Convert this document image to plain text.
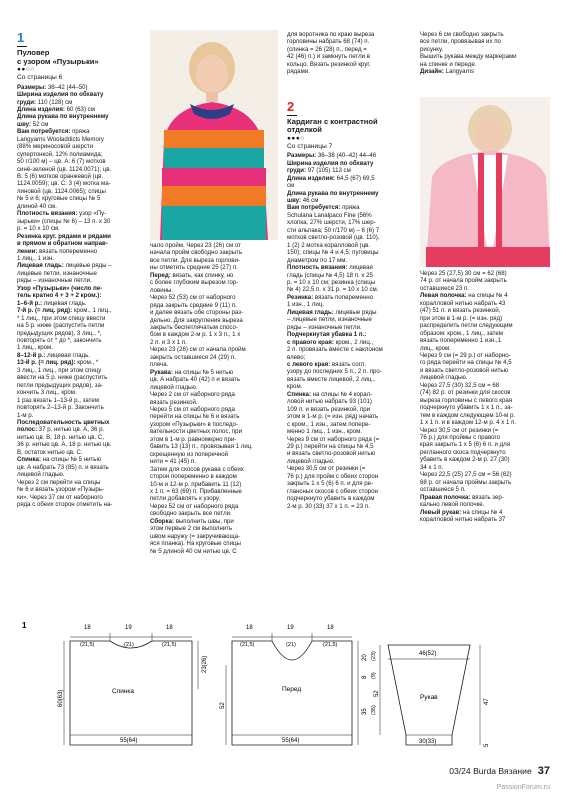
1
Пуловер
с узором «Пузырьки»
●●○○
Со страницы 6

Размеры: 36–42 (44–50)

Ширина изделия по обхвату

груди: 110 (128) см

Длина изделия: 60 (63) см

Длина рукава по внутреннему

шву: 52 см

Вам потребуется: пряжа

Langyarns Wooladdicts Memory

(88% мериносовой шерсти

супертонкой, 12% полиамида;

50 г/100 м) – цв. А: 6 (7) мотков

синё-зеленой (цв. 1124.0071); цв.

В: 5 (6) мотков оранжевой (цв.

1124.0059); цв. С: 3 (4) мотка ма-

линовой (цв. 1124.0065); спицы

№ 5 и 6; круговые спицы № 5

длиной 40 см.

Плотность вязания: узор «Пу-

зырьки» (спицы № 6) – 13 п. х 30

р. = 10 х 10 см.

Резинка круг. рядами и рядами

в прямом и обратном направ-

лении: вязать попеременно

1 лиц., 1 изн.

Лицевая гладь: лицевые ряды –

лицевые петли, изнаночные

ряды – изнаночные петли.

Узор «Пузырьки» (число пе-

тель кратно 4 + 3 + 2 кром.):

1–6-й р.: лицевая гладь.

7-й р. (= лиц. ряд): кром., 1 лиц.,

* 1 лиц., при этом спицу ввести

на 5 р. ниже (распустить петли

предыдущих рядов), 3 лиц., *,

повторять от * до *, закончить

1 лиц., кром.

8–12-й р.: лицевая гладь.

13-й р. (= лиц. ряд): кром., *

3 лиц., 1 лиц., при этом спицу

ввести на 5 р. ниже (распустить

петли предыдущих рядов), за-

кончить 3 лиц., кром.

1 раз вязать 1–13-й р., затем

повторять 2–13-й р. Закончить

1-м р.

Последовательность цветных

полос: 37 р. нитью цв. А, 36 р.

нитью цв. В, 18 р. нитью цв. С,

36 р. нитью цв. А, 18 р. нитью цв.

В, остаток нитью цв. С.

Спинка: на спицы № 5 нитью

цв. А набрать 73 (85) п. и вязать

лицевой гладью.

Через 2 см перейти на спицы

№ 6 и вязать узором «Пузырь-

ки». Через 37 см от наборного

ряда с обеих сторон отметить на-

чало пройм. Через 23 (26) см от

начала пройм свободно закрыть

все петли. Для выреза горлови-

ны отметить средние 25 (27) п.

Перед: вязать, как спинку, но

с более глубоким вырезом гор-

ловины.

Через 52 (53) см от наборного

ряда закрыть средние 9 (11) п.

и далее вязать обе стороны раз-

дельно. Для закругления выреза

закрыть беспетлячатым спосо-

бом в каждом 2-м р. 1 х 3 п., 1 х

2 п. и 3 х 1 п.

Через 23 (26) см от начала пройм

закрыть оставшиеся 24 (29) п.

плеча.

Рукава: на спицы № 5 нитью

цв. А набрать 40 (42) п и вязать

лицевой гладью.

Через 2 см от наборного ряда

вязать резинкой.

Через 5 см от наборного ряда

перейти на спицы № 6 и вязать

узором «Пузырьки» в последо-

вательности цветных полос, при

этом в 1-м р. равномерно при-

бавить 13 (13) п., провязывая 1 лиц.

скрещенную из поперечной

нити = 41 (45) п.

Затем для скосов рукава с обеих

сторон попеременно в каждом

10-м и 12-м р. прибавить 11 (12)

х 1 п. = 63 (69) п. Прибавленные

петли добавлять к узору.

Через 52 см от наборного ряда

свободно закрыть все петли.

Сборка: выполнить швы, при

этом первые 2 см выполнить

швом наружу (= закручивающа-

яся планка). На круговые спицы

№ 5 длиной 40 см нитью цв. С

для воротника по краю выреза

горловины набрать 68 (74) п.

(спинка = 26 (28) п., перед =

42 (46) п.) и замкнуть петли в

кольцо. Вязать резинкой круг.

рядами.

2
Кардиган с контрастной
отделкой
●●●○
Со страницы 7

Размеры: 36–38 (40–42) 44–46

Ширина изделия по обхвату

груди: 97 (105) 113 см

Длина изделия: 64,5 (67) 69,5

см

Длина рукава по внутреннему

шву: 46 см

Вам потребуется: пряжа

Schulana Lanalpaco Fine (56%

хлопка, 27% шерсти, 17% шер-

сти альпака; 50 г/170 м) – 6 (6) 7

мотков светло-розовой (цв. 110),

1 (2) 2 мотка коралловой (цв.

150); спицы № 4 и 4,5; пуговицы

диаметром по 17 мм.

Плотность вязания: лицевая

гладь (спицы № 4,5) 18 п. x 25

р. = 10 х 10 см; резинка (спицы

№ 4) 22,5 п. х 31 р. = 10 х 10 см.

Резинка: вязать попеременно

1 изн., 1 лиц.

Лицевая гладь: лицевые ряды

– лицевые петли, изнаночные

ряды – изнаночные петли.

Подчеркнутая убавка 1 п.:

с правого края: кром., 2 лиц.,

2 п. провязать вместе с наклоном

влево;

с левого края: вязать согл.

узору до последних 5 п., 2 п. про-

вязать вместе лицевой, 2 лиц.,

кром.

Спинка: на спицы № 4 корал-

ловой нитью набрать 93 (101)

109 п. и вязать резинкой, при

этом в 1-м р. (= изн. ряд) начать

с кром., 1 изн., затем попере-

менно 1 лиц., 1 изн., кром.

Через 9 см от наборного ряда (=

29 р.) перейти на спицы № 4,5

и вязать светло-розовой нитью

лицевой гладью.

Через 30,5 см от резинки (=

76 р.) для пройм с обеих сторон

закрыть 1 х 5 (6) 6 п. и для ре-

глансных скосов с обеих сторон

подчеркнуто убавить в каждом

2-м р. 30 (33) 37 х 1 п. = 23 п.

Через 6 см свободно закрыть

все петли, провязывая их по

рисунку.

Вышить рукава между маркерами

на спинке и переде.

Дизайн: Langyarns

Через 25 (27,5) 30 см = 62 (68)

74 р. от начала пройм закрыть

оставшиеся 23 п.

Левая полочка: на спицы № 4

коралловой нитью набрать 43

(47) 51 п. и вязать резинкой,

при этом в 1-м р. (= изн. ряд)

распределить петли следующим

образом: кром., 1 лиц., затем

вязать попеременно 1 изн.,1

лиц., кром.

Через 9 см (= 29 р.) от наборно-

го ряда перейти на спицы № 4,5

и вязать светло-розовой нитью

лицевой гладью.

Через 27,5 (30) 32,5 см = 68

(74) 82 р. от резинки для скосов

выреза горловины с левого края

подчеркнуто убавить 1 х 1 п., за-

тем в каждом следующем 10-м р.

1 х 1 п. и в каждом 12-м р. 4 х 1 п.

Через 30,5 см от резинки (=

76 р.) для проймы с правого

края закрыть 1 х 5 (6) 6 п. и для

регланного скоса подчеркнуто

убавить в каждом 2-м р. 27 (30)

34 х 1 п.

Через 22,5 (25) 27,5 см = 56 (62)

68 р. от начала проймы закрыть

оставшиеся 5 п.

Правая полочка: вязать зер-

кально левой полочке.

Левый рукав: на спицы № 4

коралловой нитью набрать 37

1	18	19	18
(21,5)	(21)	(21,5)
Спинка
55(64)
60(63)
23(26)
18	19	18
(21,5)	(21)	(21,5)
Перед
55(64)
52
20
8
35
(23)
(9)
(35)
46(52)
Рукав
30(33)
5
47
52
03/24 Burda Вязание 37
PassionForum.ru
